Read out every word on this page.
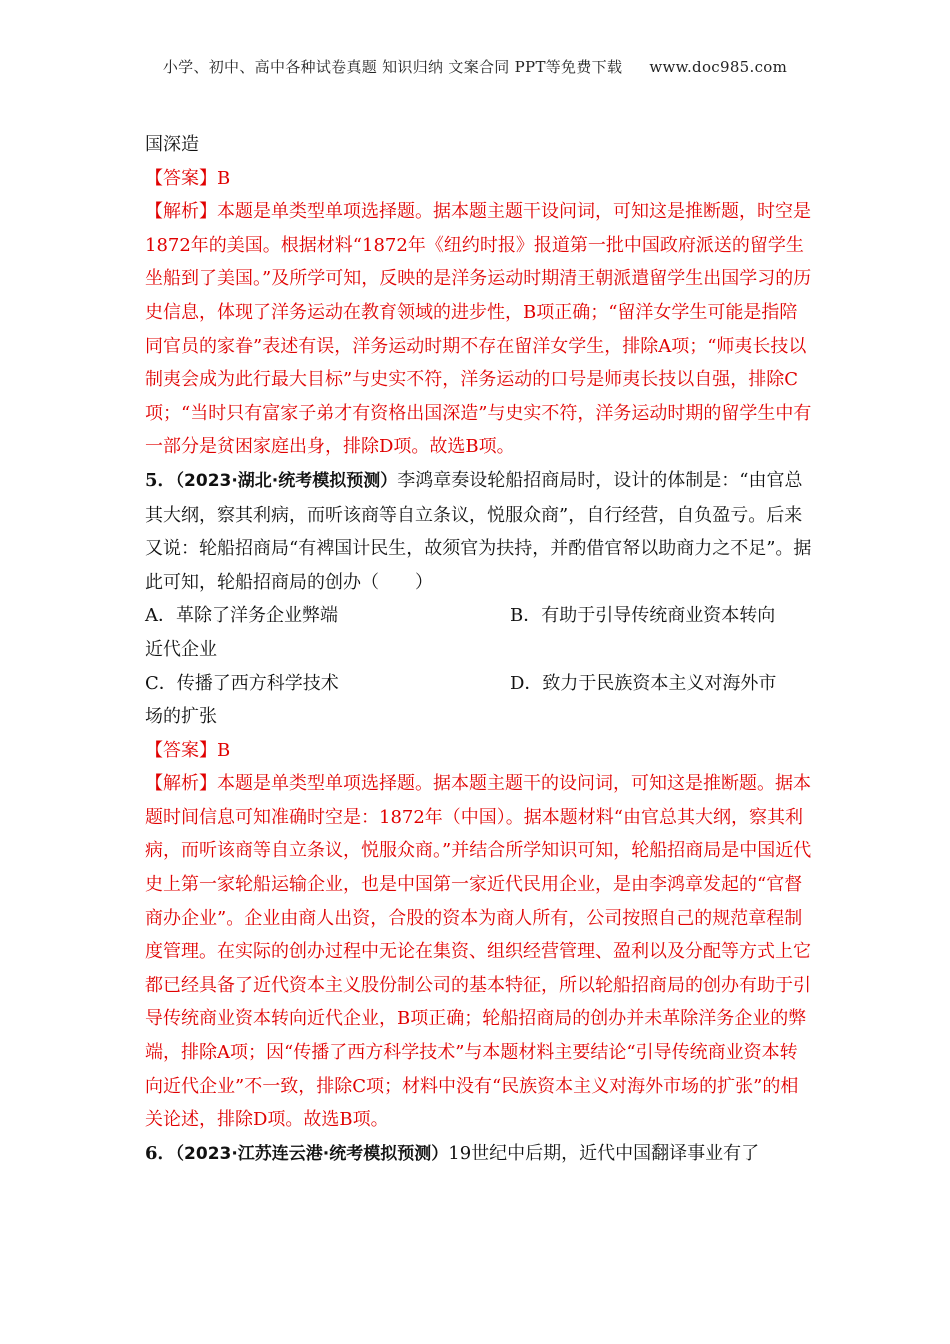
小学、初中、高中各种试卷真题 知识归纳 文案合同 PPT等免费下载 www.doc985.com

国深造

【答案】B

【解析】本题是单类型单项选择题。据本题主题干设问词，可知这是推断题，时空是1872年的美国。根据材料“1872年《纽约时报》报道第一批中国政府派送的留学生坐船到了美国。”及所学可知，反映的是洋务运动时期清王朝派遣留学生出国学习的历史信息，体现了洋务运动在教育领域的进步性，B项正确；“留洋女学生可能是指陪同官员的家眷”表述有误，洋务运动时期不存在留洋女学生，排除A项；“师夷长技以制夷会成为此行最大目标”与史实不符，洋务运动的口号是师夷长技以自强，排除C项；“当时只有富家子弟才有资格出国深造”与史实不符，洋务运动时期的留学生中有一部分是贫困家庭出身，排除D项。故选B项。

5．（2023·湖北·统考模拟预测）李鸿章奏设轮船招商局时，设计的体制是：“由官总其大纲，察其利病，而听该商等自立条议，悦服众商”，自行经营，自负盈亏。后来又说：轮船招商局“有裨国计民生，故须官为扶持，并酌借官帑以助商力之不足”。据此可知，轮船招商局的创办（　　）

A．革除了洋务企业弊端	B．有助于引导传统商业资本转向
近代企业
C．传播了西方科学技术	D．致力于民族资本主义对海外市
场的扩张

【答案】B

【解析】本题是单类型单项选择题。据本题主题干的设问词，可知这是推断题。据本题时间信息可知准确时空是：1872年（中国）。据本题材料“由官总其大纲，察其利病，而听该商等自立条议，悦服众商。”并结合所学知识可知，轮船招商局是中国近代史上第一家轮船运输企业，也是中国第一家近代民用企业，是由李鸿章发起的“官督商办企业”。企业由商人出资，合股的资本为商人所有，公司按照自己的规范章程制度管理。在实际的创办过程中无论在集资、组织经营管理、盈利以及分配等方式上它都已经具备了近代资本主义股份制公司的基本特征，所以轮船招商局的创办有助于引导传统商业资本转向近代企业，B项正确；轮船招商局的创办并未革除洋务企业的弊端，排除A项；因“传播了西方科学技术”与本题材料主要结论“引导传统商业资本转向近代企业”不一致，排除C项；材料中没有“民族资本主义对海外市场的扩张”的相关论述，排除D项。故选B项。

6．（2023·江苏连云港·统考模拟预测）19世纪中后期，近代中国翻译事业有了
